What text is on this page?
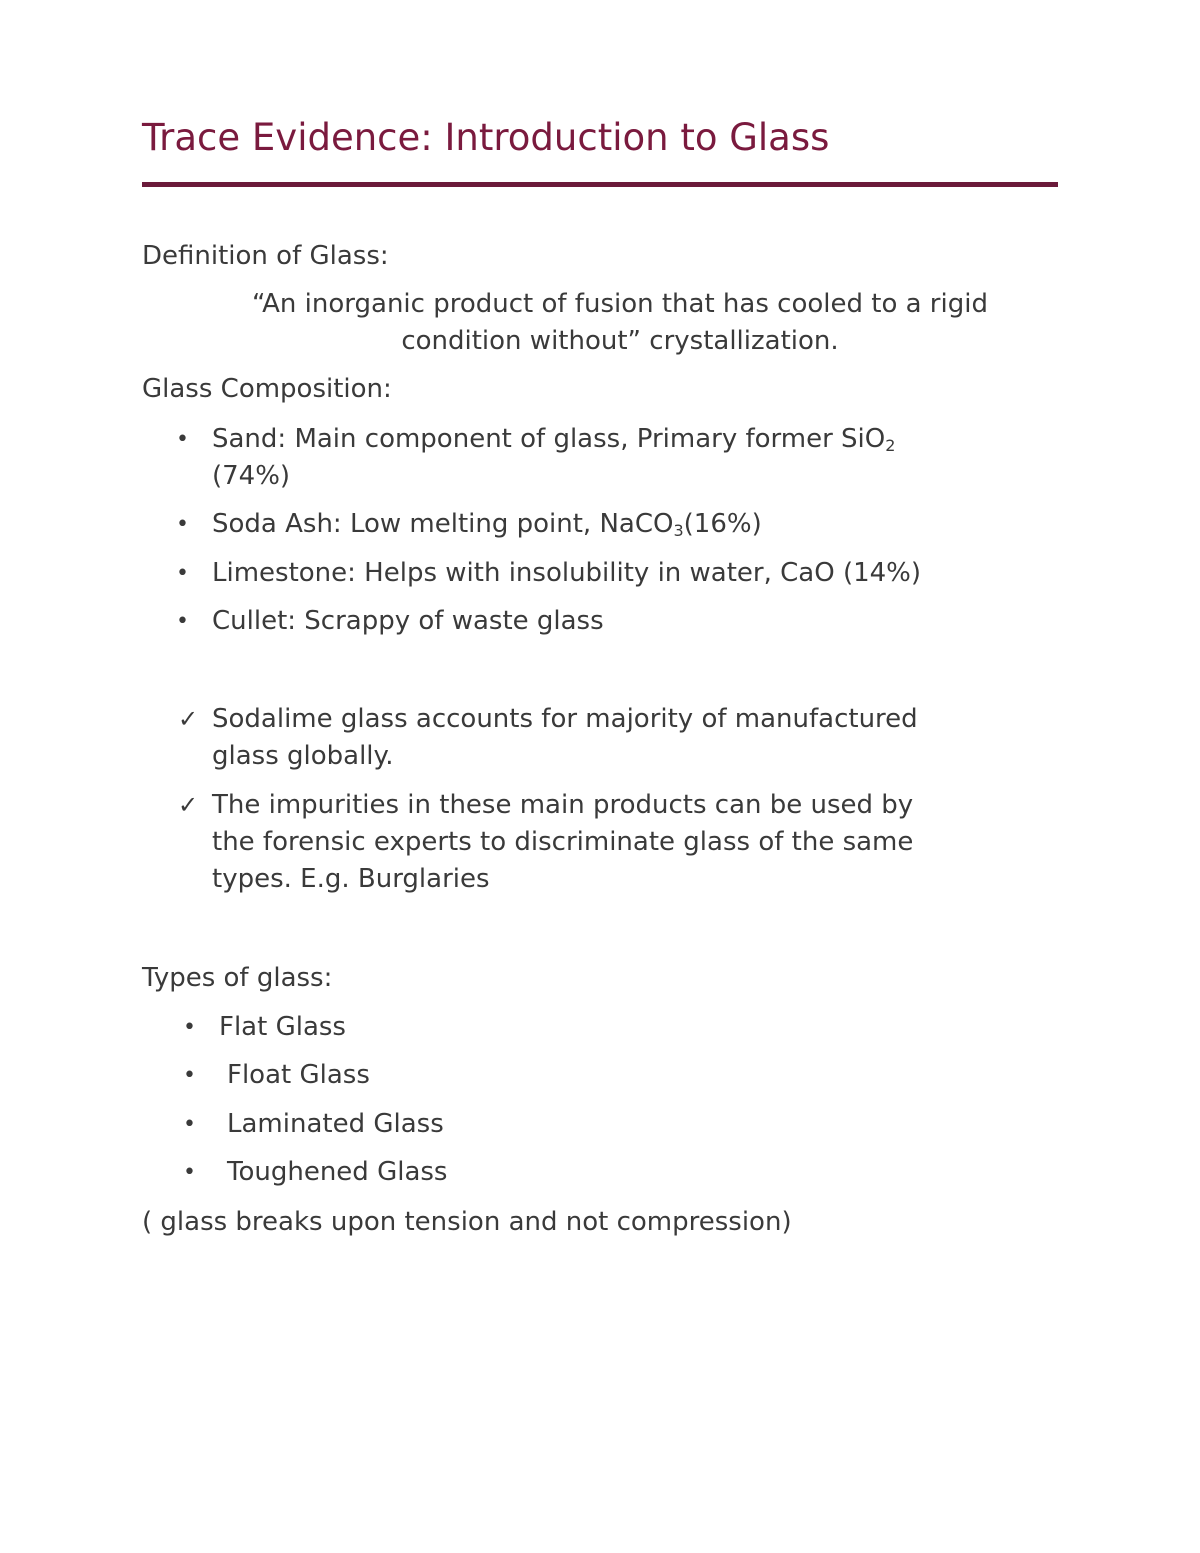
Trace Evidence: Introduction to Glass

Definition of Glass:

“An inorganic product of fusion that has cooled to a rigid

condition without” crystallization.

Glass Composition:

• Sand: Main component of glass, Primary former SiO$_2$

(74%)

• Soda Ash: Low melting point, NaCO$_3$(16%)

• Limestone: Helps with insolubility in water, CaO (14%)

• Cullet: Scrappy of waste glass

✓ Sodalime glass accounts for majority of manufactured

glass globally.

✓ The impurities in these main products can be used by

the forensic experts to discriminate glass of the same

types. E.g. Burglaries

Types of glass:

• Flat Glass

• Float Glass

• Laminated Glass

• Toughened Glass

( glass breaks upon tension and not compression)
